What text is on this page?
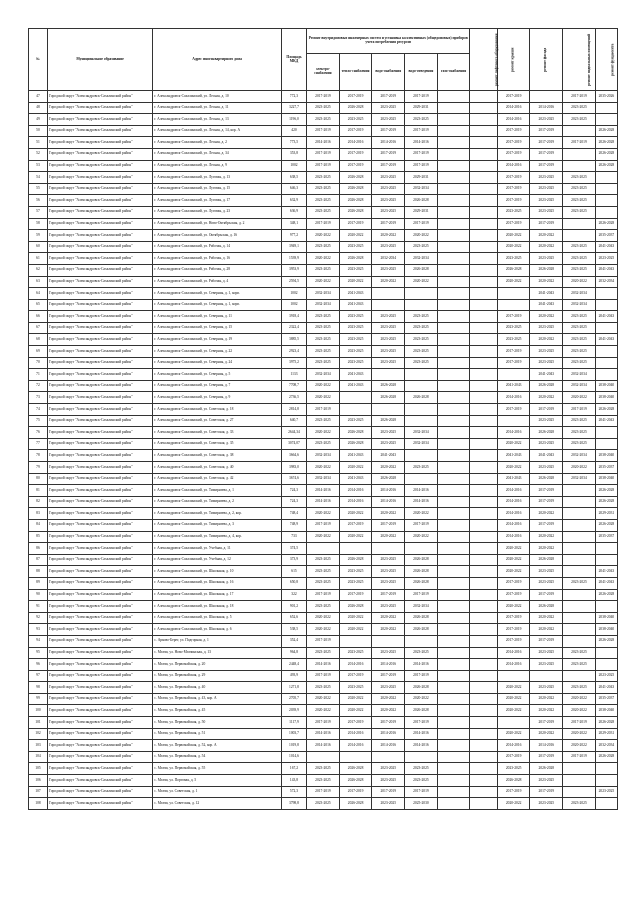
№	Муниципальное образование	Адрес многоквартирного дома	Площадь МКД	Ремонт внутридомовых инженерных систем и установка коллективных (общедомовых) приборов учета потребления ресурсов					ремонт лифтового оборудования	ремонт крыши	ремонт фасада	ремонт подвальных помещений	ремонт фундамента
				электро-снабжения	тепло-снабжения	водо-снабжения	водо-отведения	газо-снабжения					
47	Городской округ "Александровск-Сахалинский район"	г. Александровск-Сахалинский, ул. Лесная, д. 10	772,3	2017-2019	2017-2019	2017-2019	2017-2019			2017-2019		2017-2019	2035-2026
48	Городской округ "Александровск-Сахалинский район"	г. Александровск-Сахалинский, ул. Лесная, д. 11	3227,7	2023-2025	2026-2028	2023-2025	2029-2031			2014-2016	2014-2016	2023-2025	
49	Городской округ "Александровск-Сахалинский район"	г. Александровск-Сахалинский, ул. Лесная, д. 13	1196,0	2023-2025	2023-2025	2023-2025	2023-2025			2014-2016	2023-2025	2023-2025	
50	Городской округ "Александровск-Сахалинский район"	г. Александровск-Сахалинский, ул. Лесная, д. 14, кор. А	420	2017-2019	2017-2019	2017-2019	2017-2019			2017-2019	2017-2019		2026-2028
51	Городской округ "Александровск-Сахалинский район"	г. Александровск-Сахалинский, ул. Лесная, д. 2	773,5	2014-2016	2014-2016	2014-2016	2014-2016			2017-2019	2017-2019	2017-2019	2026-2028
52	Городской округ "Александровск-Сахалинский район"	г. Александровск-Сахалинский, ул. Лесная, д. 34	353,8	2017-2019	2017-2019	2017-2019	2017-2019			2017-2019	2017-2019		2026-2028
53	Городской округ "Александровск-Сахалинский район"	г. Александровск-Сахалинский, ул. Лесная, д. 9	1002	2017-2019	2017-2019	2017-2019	2017-2019			2014-2016	2017-2019		2026-2028
54	Городской округ "Александровск-Сахалинский район"	г. Александровск-Сахалинский, ул. Луговая, д. 13	638,5	2023-2025	2026-2028	2023-2025	2029-2031			2017-2019	2023-2025	2023-2025	
55	Городской округ "Александровск-Сахалинский район"	г. Александровск-Сахалинский, ул. Луговая, д. 15	646,3	2023-2025	2026-2028	2023-2025	2032-2034			2017-2019	2023-2025	2023-2025	
56	Городской округ "Александровск-Сахалинский район"	г. Александровск-Сахалинский, ул. Луговая, д. 17	632,9	2023-2025	2026-2028	2023-2025	2026-2028			2017-2019	2023-2025	2023-2025	
57	Городской округ "Александровск-Сахалинский район"	г. Александровск-Сахалинский, ул. Луговая, д. 23	636,9	2023-2025	2026-2028	2023-2025	2029-2031			2023-2025	2023-2025	2023-2025	
58	Городской округ "Александровск-Сахалинский район"	г. Александровск-Сахалинский, ул. Ново-Октябрьская, д. 2	348,1	2017-2019	2017-2019	2017-2019	2017-2019			2017-2019	2017-2019		2026-2028
59	Городской округ "Александровск-Сахалинский район"	г. Александровск-Сахалинский, ул. Октябрьская, д. 16	977,2	2020-2022	2020-2022	2020-2022	2020-2022			2020-2022	2020-2022		2035-2037
60	Городской округ "Александровск-Сахалинский район"	г. Александровск-Сахалинский, ул. Рабочая, д. 14	3949,1	2023-2025	2023-2025	2023-2025	2023-2025			2020-2022	2020-2022	2023-2025	2041-2043
61	Городской округ "Александровск-Сахалинский район"	г. Александровск-Сахалинский, ул. Рабочая, д. 16	1539,9	2020-2022	2026-2028	2032-2034	2032-2034			2023-2025	2023-2025	2023-2025	2023-2025
62	Городской округ "Александровск-Сахалинский район"	г. Александровск-Сахалинский, ул. Рабочая, д. 28	3953,9	2023-2025	2023-2025	2023-2025	2026-2028			2026-2028	2026-2028	2023-2025	2041-2043
63	Городской округ "Александровск-Сахалинский район"	г. Александровск-Сахалинский, ул. Рабочая, д. 4	2594,5	2020-2022	2020-2022	2020-2022	2020-2022			2020-2022	2020-2022	2020-2022	2032-2034
64	Городской округ "Александровск-Сахалинский район"	г. Александровск-Сахалинский, ул. Северная, д. 1, корп.	1002	2032-2034	2041-2043						2041-2043	2032-2034	
65	Городской округ "Александровск-Сахалинский район"	г. Александровск-Сахалинский, ул. Северная, д. 1, корп.	1002	2032-2034	2041-2043						2041-2043	2032-2034	
66	Городской округ "Александровск-Сахалинский район"	г. Александровск-Сахалинский, ул. Северная, д. 11	3918,4	2023-2025	2023-2025	2023-2025	2023-2025			2017-2019	2020-2022	2023-2025	2041-2043
67	Городской округ "Александровск-Сахалинский район"	г. Александровск-Сахалинский, ул. Северная, д. 15	2322,4	2023-2025	2023-2025	2023-2025	2023-2025			2023-2025	2023-2025	2023-2025	
68	Городской округ "Александровск-Сахалинский район"	г. Александровск-Сахалинский, ул. Северная, д. 19	3885,5	2023-2025	2023-2025	2023-2025	2023-2025			2023-2025	2020-2022	2023-2025	2041-2043
69	Городской округ "Александровск-Сахалинский район"	г. Александровск-Сахалинский, ул. Северная, д. 22	2923,4	2023-2025	2023-2025	2023-2025	2023-2025			2017-2019	2023-2025	2023-2025	
70	Городской округ "Александровск-Сахалинский район"	г. Александровск-Сахалинский, ул. Северная, д. 24	3975,2	2023-2025	2023-2025	2023-2025	2023-2025			2017-2019	2023-2025	2023-2025	
71	Городской округ "Александровск-Сахалинский район"	г. Александровск-Сахалинский, ул. Северная, д. 5	1133	2032-2034	2041-2043						2041-2043	2032-2034	
72	Городской округ "Александровск-Сахалинский район"	г. Александровск-Сахалинский, ул. Северная, д. 7	7708,7	2020-2022	2041-2043	2026-2028				2041-2043	2026-2028	2032-2034	2038-2040
73	Городской округ "Александровск-Сахалинский район"	г. Александровск-Сахалинский, ул. Северная, д. 9	2736,5	2020-2022		2026-2028	2026-2028			2014-2016	2020-2022	2020-2022	2038-2040
74	Городской округ "Александровск-Сахалинский район"	г. Александровск-Сахалинский, ул. Советская, д. 18	2814,8	2017-2019						2017-2019	2017-2019	2017-2019	2026-2028
75	Городской округ "Александровск-Сахалинский район"	г. Александровск-Сахалинский, ул. Советская, д. 27	640,7	2023-2025	2023-2025	2026-2028					2023-2025	2023-2025	2041-2043
76	Городской округ "Александровск-Сахалинский район"	г. Александровск-Сахалинский, ул. Советская, д. 33	2644,34	2020-2022	2026-2028	2023-2025	2032-2034			2014-2016	2026-2028	2023-2025	
77	Городской округ "Александровск-Сахалинский район"	г. Александровск-Сахалинский, ул. Советская, д. 35	3074,07	2023-2025	2026-2028	2023-2025	2032-2034			2020-2022	2023-2025	2023-2025	
78	Городской округ "Александровск-Сахалинский район"	г. Александровск-Сахалинский, ул. Советская, д. 38	3664,6	2032-2034	2041-2043	2041-2043				2041-2043	2041-2043	2032-2034	2038-2040
79	Городской округ "Александровск-Сахалинский район"	г. Александровск-Сахалинский, ул. Советская, д. 40	3983,0	2020-2022	2020-2022	2020-2022	2023-2025			2020-2022	2023-2025	2020-2022	2035-2037
80	Городской округ "Александровск-Сахалинский район"	г. Александровск-Сахалинский, ул. Советская, д. 42	3674,6	2032-2034	2041-2043	2026-2028				2041-2043	2026-2028	2032-2034	2038-2040
81	Городской округ "Александровск-Сахалинский район"	г. Александровск-Сахалинский, ул. Тимирязева, д. 1	724,3	2014-2016	2014-2016	2014-2016	2014-2016			2014-2016	2017-2019		2026-2028
82	Городской округ "Александровск-Сахалинский район"	г. Александровск-Сахалинский, ул. Тимирязева, д. 2	724,3	2014-2016	2014-2016	2014-2016	2014-2016			2014-2016	2017-2019		2026-2028
83	Городской округ "Александровск-Сахалинский район"	г. Александровск-Сахалинский, ул. Тимирязева, д. 2, кор.	748,4	2020-2022	2020-2022	2020-2022	2020-2022			2014-2016	2020-2022		2029-2031
84	Городской округ "Александровск-Сахалинский район"	г. Александровск-Сахалинский, ул. Тимирязева, д. 3	748,9	2017-2019	2017-2019	2017-2019	2017-2019			2014-2016	2017-2019		2026-2028
85	Городской округ "Александровск-Сахалинский район"	г. Александровск-Сахалинский, ул. Тимирязева, д. 4, кор.	733	2020-2022	2020-2022	2020-2022	2020-2022			2014-2016	2020-2022		2035-2037
86	Городской округ "Александровск-Сахалинский район"	г. Александровск-Сахалинский, ул. Учебная, д. 11	374,5							2020-2022	2020-2022		
87	Городской округ "Александровск-Сахалинский район"	г. Александровск-Сахалинский, ул. Учебная, д. 12	373,9	2023-2025	2026-2028	2023-2025	2026-2028			2020-2022	2026-2028		
88	Городской округ "Александровск-Сахалинский район"	г. Александровск-Сахалинский, ул. Школьная, д. 10	615	2023-2025	2023-2025	2023-2025	2026-2028			2020-2022	2023-2025		2041-2043
89	Городской округ "Александровск-Сахалинский район"	г. Александровск-Сахалинский, ул. Школьная, д. 16	650,8	2023-2025	2023-2025	2023-2025	2026-2028			2017-2019	2023-2025	2023-2025	2041-2043
90	Городской округ "Александровск-Сахалинский район"	г. Александровск-Сахалинский, ул. Школьная, д. 17	322	2017-2019	2017-2019	2017-2019	2017-2019			2017-2019	2017-2019		2026-2028
91	Городской округ "Александровск-Сахалинский район"	г. Александровск-Сахалинский, ул. Школьная, д. 18	901,2	2023-2025	2026-2028	2023-2025	2032-2034			2020-2022	2026-2028		
92	Городской округ "Александровск-Сахалинский район"	г. Александровск-Сахалинский, ул. Школьная, д. 5	652,6	2020-2022	2020-2022	2020-2022	2026-2028			2017-2019	2020-2022		2038-2040
93	Городской округ "Александровск-Сахалинский район"	г. Александровск-Сахалинский, ул. Школьная, д. 6	538,5	2020-2022	2020-2022	2020-2022	2026-2028			2017-2019	2020-2022		2038-2040
94	Городской округ "Александровск-Сахалинский район"	с. Арково-Берег, ул. Подгорная, д. 1	352,4	2017-2019						2017-2019	2017-2019		2026-2028
95	Городской округ "Александровск-Сахалинский район"	с. Мгачи, ул. Ново-Мгачинская, д. 13	964,8	2023-2025	2023-2025	2023-2025	2023-2025			2014-2016	2023-2025	2023-2025	
96	Городской округ "Александровск-Сахалинский район"	с. Мгачи, ул. Первомайская, д. 20	2448,4	2014-2016	2014-2016	2014-2016	2014-2016			2014-2016	2023-2025	2023-2025	
97	Городской округ "Александровск-Сахалинский район"	с. Мгачи, ул. Первомайская, д. 29	493,9	2017-2019	2017-2019	2017-2019	2017-2019						2023-2025
98	Городской округ "Александровск-Сахалинский район"	с. Мгачи, ул. Первомайская, д. 40	1271,8	2023-2025	2023-2025	2023-2025	2026-2028			2020-2022	2023-2025	2023-2025	2041-2043
99	Городской округ "Александровск-Сахалинский район"	с. Мгачи, ул. Первомайская, д. 43, кор. А	2705,7	2020-2022	2020-2022	2020-2022	2020-2022			2020-2022	2020-2022	2020-2022	2035-2037
100	Городской округ "Александровск-Сахалинский район"	с. Мгачи, ул. Первомайская, д. 45	2039,9	2020-2022	2020-2022	2020-2022	2026-2028			2020-2022	2020-2022	2020-2022	2038-2040
101	Городской округ "Александровск-Сахалинский район"	с. Мгачи, ул. Первомайская, д. 50	1117,9	2017-2019	2017-2019	2017-2019	2017-2019				2017-2019	2017-2019	2026-2028
102	Городской округ "Александровск-Сахалинский район"	с. Мгачи, ул. Первомайская, д. 51	1003,7	2014-2016	2014-2016	2014-2016	2014-2016			2020-2022	2020-2022	2020-2022	2029-2031
103	Городской округ "Александровск-Сахалинский район"	с. Мгачи, ул. Первомайская, д. 52, кор. А	1019,8	2014-2016	2014-2016	2014-2016	2014-2016			2014-2016	2014-2016	2020-2022	2032-2034
104	Городской округ "Александровск-Сахалинский район"	с. Мгачи, ул. Первомайская, д. 54	1014,6							2017-2019	2017-2019	2017-2019	2026-2028
105	Городской округ "Александровск-Сахалинский район"	с. Мгачи, ул. Первомайская, д. 55	167,2	2023-2025	2026-2028	2023-2025	2023-2025			2023-2025	2026-2028		
106	Городской округ "Александровск-Сахалинский район"	с. Мгачи, ул. Портовая, д. 5	143,8	2023-2025	2026-2028	2023-2025	2023-2025			2026-2028	2023-2025		
107	Городской округ "Александровск-Сахалинский район"	с. Мгачи, ул. Советская, д. 1	572,3	2017-2019	2017-2019	2017-2019	2017-2019			2017-2019	2017-2019		2023-2025
108	Городской округ "Александровск-Сахалинский район"	с. Мгачи, ул. Советская, д. 12	3798,8	2023-2025	2026-2028	2023-2025	2025-2030			2020-2022	2023-2025	2023-2025	
